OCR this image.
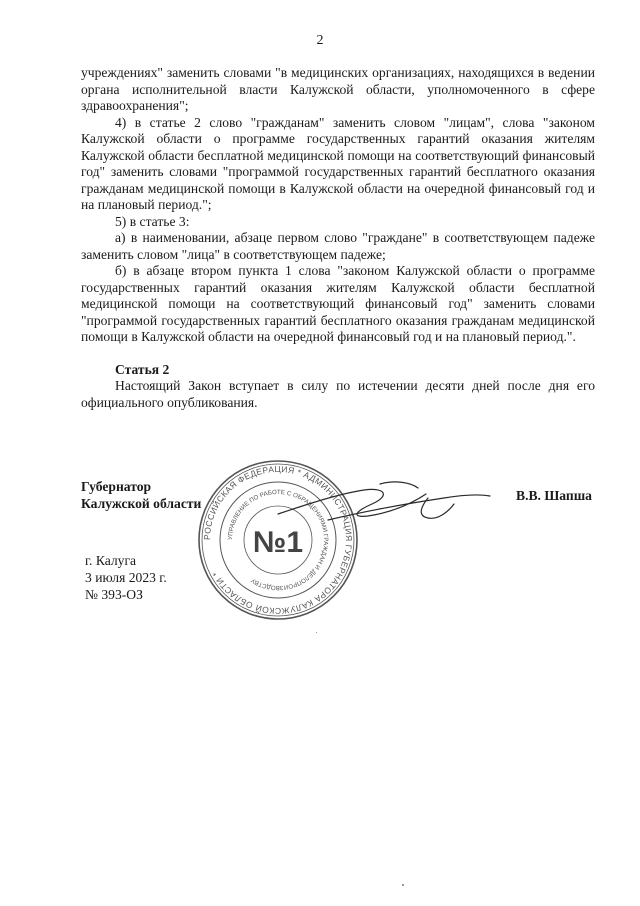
2

учреждениях" заменить словами "в медицинских организациях, находящихся в ведении органа исполнительной власти Калужской области, уполномоченного в сфере здравоохранения";

4) в статье 2 слово "гражданам" заменить словом "лицам", слова "законом Калужской области о программе государственных гарантий оказания жителям Калужской области бесплатной медицинской помощи на соответствующий финансовый год" заменить словами "программой государственных гарантий бесплатного оказания гражданам медицинской помощи в Калужской области на очередной финансовый год и на плановый период.";

5) в статье 3:

а) в наименовании, абзаце первом слово "граждане" в соответствующем падеже заменить словом "лица" в соответствующем падеже;

б) в абзаце втором пункта 1 слова "законом Калужской области о программе государственных гарантий оказания жителям Калужской области бесплатной медицинской помощи на соответствующий финансовый год" заменить словами "программой государственных гарантий бесплатного оказания гражданам медицинской помощи в Калужской области на очередной финансовый год и на плановый период.".

Статья 2

Настоящий Закон вступает в силу по истечении десяти дней после дня его официального опубликования.

Губернатор
Калужской области
В.В. Шапша
г. Калуга
3 июля 2023 г.
№ 393-ОЗ
РОССИЙСКАЯ ФЕДЕРАЦИЯ * АДМИНИСТРАЦИЯ ГУБЕРНАТОРА КАЛУЖСКОЙ ОБЛАСТИ *
УПРАВЛЕНИЕ ПО РАБОТЕ С ОБРАЩЕНИЯМИ ГРАЖДАН И ДЕЛОПРОИЗВОДСТВУ
№1
